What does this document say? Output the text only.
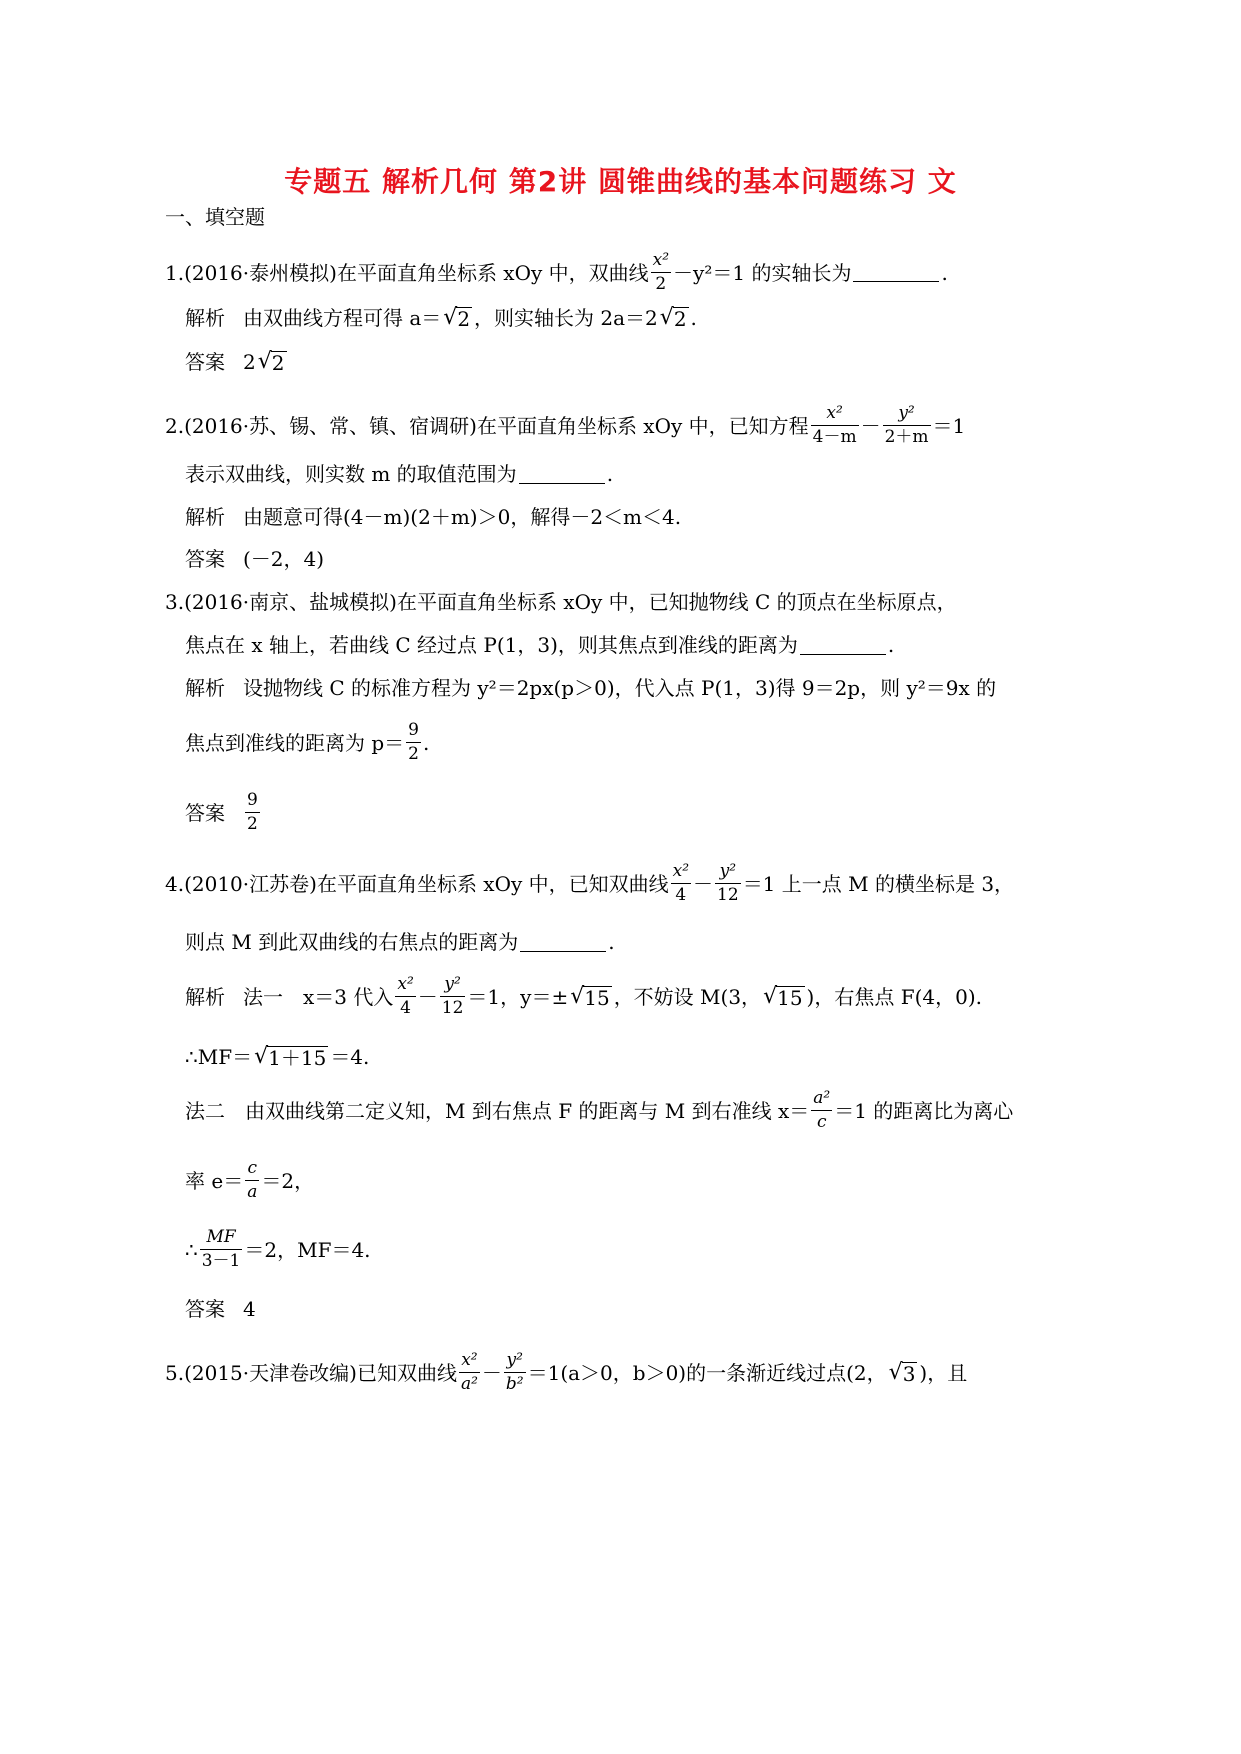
专题五 解析几何 第2讲 圆锥曲线的基本问题练习 文
一、填空题
1.(2016·泰州模拟)在平面直角坐标系 xOy 中，双曲线 $\frac{\text{x²}}{2} -y^2=1$ 的实轴长为	.
解析 由双曲线方程可得 a＝ √ 2 ，则实轴长为 2a＝2 √ 2 .
答案 2 √ 2
2.(2016·苏、锡、常、镇、宿调研)在平面直角坐标系 xOy 中，已知方程 $\frac{\text{x²}}{4-m} - \frac{\text{y²}}{2+m} =1$
表示双曲线，则实数 m 的取值范围为	.
解析 由题意可得(4－m)(2＋m)＞0，解得－2＜m＜4.
答案 (－2，4)
3.(2016·南京、盐城模拟)在平面直角坐标系 xOy 中，已知抛物线 C 的顶点在坐标原点，
焦点在 x 轴上，若曲线 C 经过点 P(1，3)，则其焦点到准线的距离为	.
解析 设抛物线 C 的标准方程为 y²＝2px(p＞0)，代入点 P(1，3)得 9＝2p，则 y²＝9x 的
焦点到准线的距离为 $p= \frac{9}{2}$ .
答案 $\frac{9}{2}$
4.(2010·江苏卷)在平面直角坐标系 xOy 中，已知双曲线 $\frac{\text{x²}}{4} - \frac{\text{y²}}{12} =1$ 上一点 M 的横坐标是 3，
则点 M 到此双曲线的右焦点的距离为	.
解析 法一　x＝3 代入 $\frac{\text{x²}}{4} - \frac{\text{y²}}{12} =1$，y＝± √ 15 ，不妨设 M(3， √ 15 )，右焦点 F(4，0).
∴MF＝ √ 1＋15 ＝4.
法二　由双曲线第二定义知，M 到右焦点 F 的距离与 M 到右准线 $x= \frac{\text{a²}}{c} =1$ 的距离比为离心
率 $e= \frac{c}{a} =2$，
∴ $\frac{MF}{3-1} =2$，MF＝4.
答案 4
5.(2015·天津卷改编)已知双曲线 $\frac{\text{x²}}{\text{a²}} - \frac{\text{y²}}{\text{b²}} =1(a>0$，b＞0)的一条渐近线过点(2， √ 3 )，且
